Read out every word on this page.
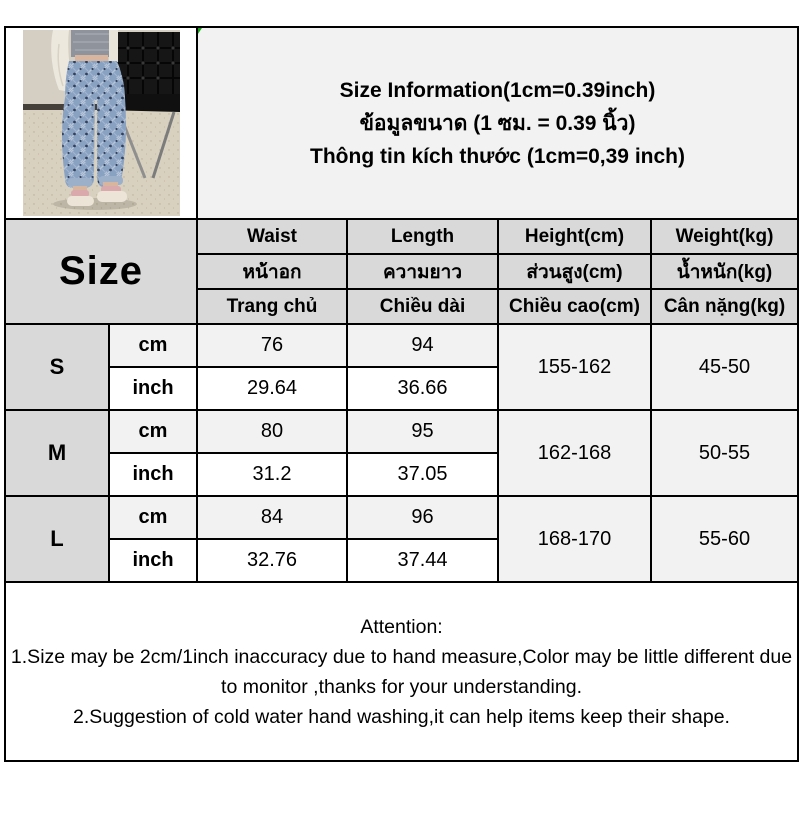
Size Information(1cm=0.39inch)
ข้อมูลขนาด (1 ซม. = 0.39 นิ้ว)
Thông tin kích thước (1cm=0,39 inch)			

Size		Waist	Length	Height(cm)	Weight(kg)
		หน้าอก	ความยาว	ส่วนสูง(cm)	น้ำหนัก(kg)
		Trang chủ	Chiều dài	Chiều cao(cm)	Cân nặng(kg)
S	cm	76	94	155-162	45-50
	inch	29.64	36.66		
M	cm	80	95	162-168	50-55
	inch	31.2	37.05		
L	cm	84	96	168-170	55-60
	inch	32.76	37.44		

Attention:
1.Size may be 2cm/1inch inaccuracy due to hand measure,Color may be little different due to monitor ,thanks for your understanding.
2.Suggestion of cold water hand washing,it can help items keep their shape.					
